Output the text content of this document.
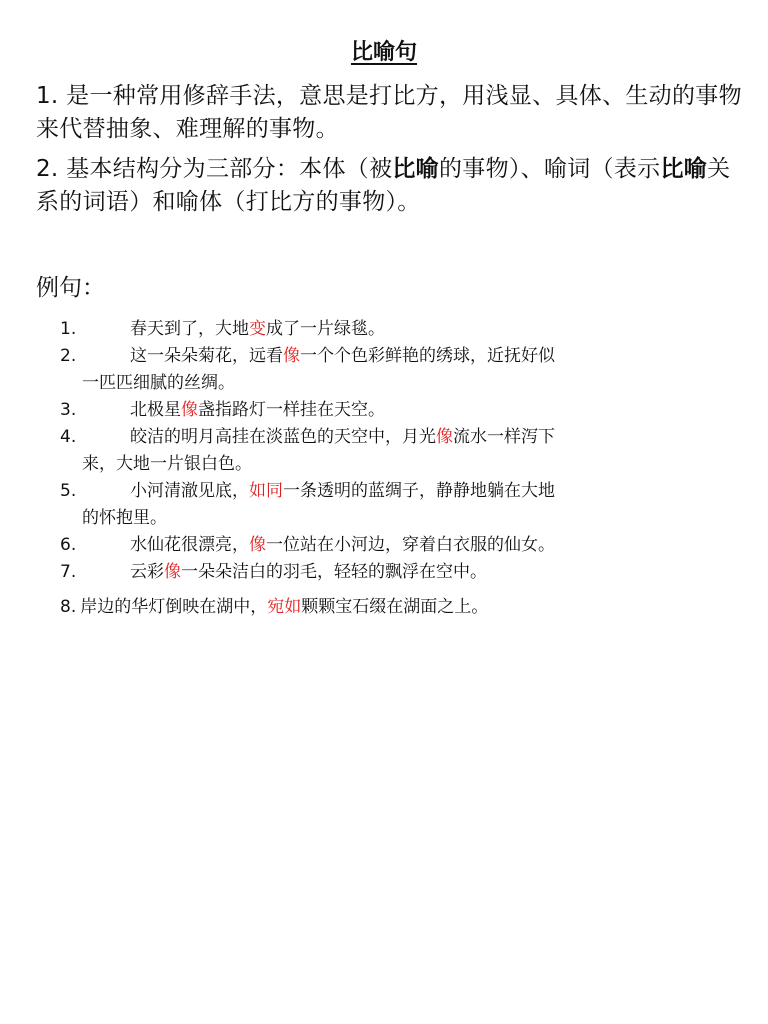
比喻句
1. 是一种常用修辞手法，意思是打比方，用浅显、具体、生动的事物来代替抽象、难理解的事物。
2. 基本结构分为三部分：本体（被比喻的事物）、喻词（表示比喻关系的词语）和喻体（打比方的事物）。
例句：
1.	春天到了，大地变成了一片绿毯。
2.	这一朵朵菊花，远看像一个个色彩鲜艳的绣球，近抚好似
一匹匹细腻的丝绸。
3.	北极星像盏指路灯一样挂在天空。
4.	皎洁的明月高挂在淡蓝色的天空中，月光像流水一样泻下
来，大地一片银白色。
5.	小河清澈见底，如同一条透明的蓝绸子，静静地躺在大地
的怀抱里。
6.	水仙花很漂亮，像一位站在小河边，穿着白衣服的仙女。
7.	云彩像一朵朵洁白的羽毛，轻轻的飘浮在空中。
8. 岸边的华灯倒映在湖中，宛如颗颗宝石缀在湖面之上。
